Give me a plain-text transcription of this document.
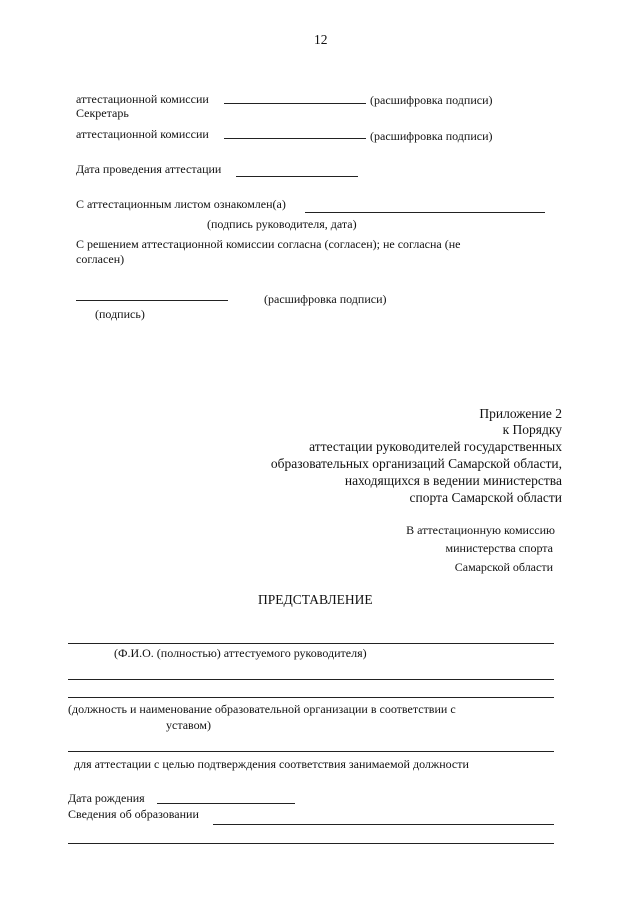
12
аттестационной комиссии	(расшифровка подписи)
Секретарь
аттестационной комиссии	(расшифровка подписи)
Дата проведения аттестации
С аттестационным листом ознакомлен(а)
(подпись руководителя, дата)
С решением аттестационной комиссии согласна (согласен); не согласна (не
согласен)
(расшифровка подписи)
(подпись)
Приложение 2
к Порядку
аттестации руководителей государственных
образовательных организаций Самарской области,
находящихся в ведении министерства
спорта Самарской области
В аттестационную комиссию
министерства спорта
Самарской области
ПРЕДСТАВЛЕНИЕ
(Ф.И.О. (полностью) аттестуемого руководителя)
(должность и наименование образовательной организации в соответствии с
уставом)
для аттестации с целью подтверждения соответствия занимаемой должности
Дата рождения
Сведения об образовании
